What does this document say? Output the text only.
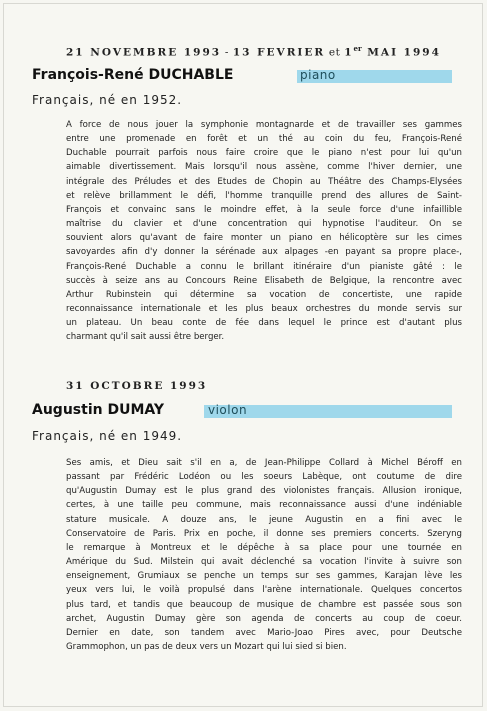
21 NOVEMBRE 1993 - 13 FEVRIER et 1er MAI 1994
François-René DUCHABLE	piano
Français, né en 1952.
A force de nous jouer la symphonie montagnarde et de travailler ses gammes
entre une promenade en forêt et un thé au coin du feu, François-René
Duchable pourrait parfois nous faire croire que le piano n'est pour lui qu'un
aimable divertissement. Mais lorsqu'il nous assène, comme l'hiver dernier, une
intégrale des Préludes et des Etudes de Chopin au Théâtre des Champs-Elysées
et relève brillamment le défi, l'homme tranquille prend des allures de Saint-
François et convainc sans le moindre effet, à la seule force d'une infaillible
maîtrise du clavier et d'une concentration qui hypnotise l'auditeur. On se
souvient alors qu'avant de faire monter un piano en hélicoptère sur les cimes
savoyardes afin d'y donner la sérénade aux alpages -en payant sa propre place-,
François-René Duchable a connu le brillant itinéraire d'un pianiste gâté : le
succès à seize ans au Concours Reine Elisabeth de Belgique, la rencontre avec
Arthur Rubinstein qui détermine sa vocation de concertiste, une rapide
reconnaissance internationale et les plus beaux orchestres du monde servis sur
un plateau. Un beau conte de fée dans lequel le prince est d'autant plus
charmant qu'il sait aussi être berger.
31 OCTOBRE 1993
Augustin DUMAY	violon
Français, né en 1949.
Ses amis, et Dieu sait s'il en a, de Jean-Philippe Collard à Michel Béroff en
passant par Frédéric Lodéon ou les soeurs Labèque, ont coutume de dire
qu'Augustin Dumay est le plus grand des violonistes français. Allusion ironique,
certes, à une taille peu commune, mais reconnaissance aussi d'une indéniable
stature musicale. A douze ans, le jeune Augustin en a fini avec le
Conservatoire de Paris. Prix en poche, il donne ses premiers concerts. Szeryng
le remarque à Montreux et le dépêche à sa place pour une tournée en
Amérique du Sud. Milstein qui avait déclenché sa vocation l'invite à suivre son
enseignement, Grumiaux se penche un temps sur ses gammes, Karajan lève les
yeux vers lui, le voilà propulsé dans l'arène internationale. Quelques concertos
plus tard, et tandis que beaucoup de musique de chambre est passée sous son
archet, Augustin Dumay gère son agenda de concerts au coup de coeur.
Dernier en date, son tandem avec Mario-Joao Pires avec, pour Deutsche
Grammophon, un pas de deux vers un Mozart qui lui sied si bien.
